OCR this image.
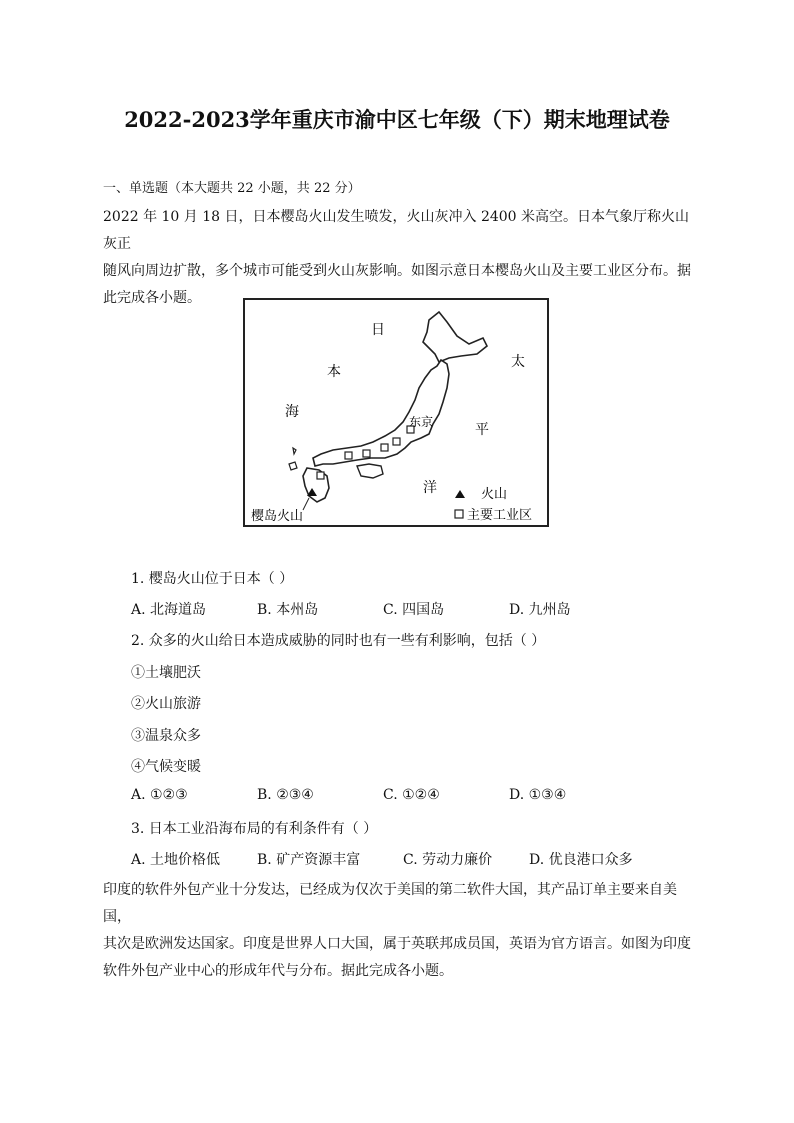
2022-2023学年重庆市渝中区七年级（下）期末地理试卷
一、单选题（本大题共 22 小题，共 22 分）
2022 年 10 月 18 日，日本樱岛火山发生喷发，火山灰冲入 2400 米高空。日本气象厅称火山灰正
随风向周边扩散，多个城市可能受到火山灰影响。如图示意日本樱岛火山及主要工业区分布。据
此完成各小题。
日
本
海
太
平
洋
东京
樱岛火山
火山
主要工业区
1. 樱岛火山位于日本（ ）
A. 北海道岛	B. 本州岛	C. 四国岛	D. 九州岛
2. 众多的火山给日本造成威胁的同时也有一些有利影响，包括（ ）
①土壤肥沃
②火山旅游
③温泉众多
④气候变暖
A. ①②③	B. ②③④	C. ①②④	D. ①③④
3. 日本工业沿海布局的有利条件有（ ）
A. 土地价格低	B. 矿产资源丰富	C. 劳动力廉价	D. 优良港口众多
印度的软件外包产业十分发达，已经成为仅次于美国的第二软件大国，其产品订单主要来自美国，
其次是欧洲发达国家。印度是世界人口大国，属于英联邦成员国，英语为官方语言。如图为印度
软件外包产业中心的形成年代与分布。据此完成各小题。
